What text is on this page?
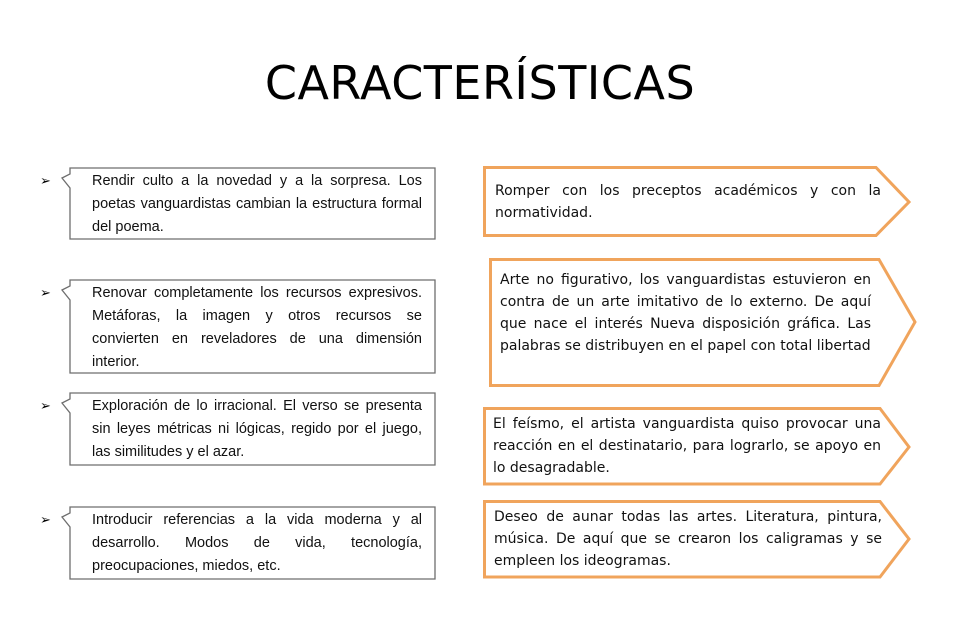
CARACTERÍSTICAS
➢	Rendir culto a la novedad y a la sorpresa. Los poetas vanguardistas cambian la estructura formal del poema.
➢	Renovar completamente los recursos expresivos. Metáforas, la imagen y otros recursos se convierten en reveladores de una dimensión interior.
➢	Exploración de lo irracional. El verso se presenta sin leyes métricas ni lógicas, regido por el juego, las similitudes y el azar.
➢	Introducir referencias a la vida moderna y al desarrollo. Modos de vida, tecnología, preocupaciones, miedos, etc.
Romper con los preceptos académicos y con la normatividad.
Arte no figurativo, los vanguardistas estuvieron en contra de un arte imitativo de lo externo. De aquí que nace el interés Nueva disposición gráfica. Las palabras se distribuyen en el papel con total libertad
El feísmo, el artista vanguardista quiso provocar una reacción en el destinatario, para lograrlo, se apoyo en lo desagradable.
Deseo de aunar todas las artes. Literatura, pintura, música. De aquí que se crearon los caligramas y se empleen los ideogramas.
